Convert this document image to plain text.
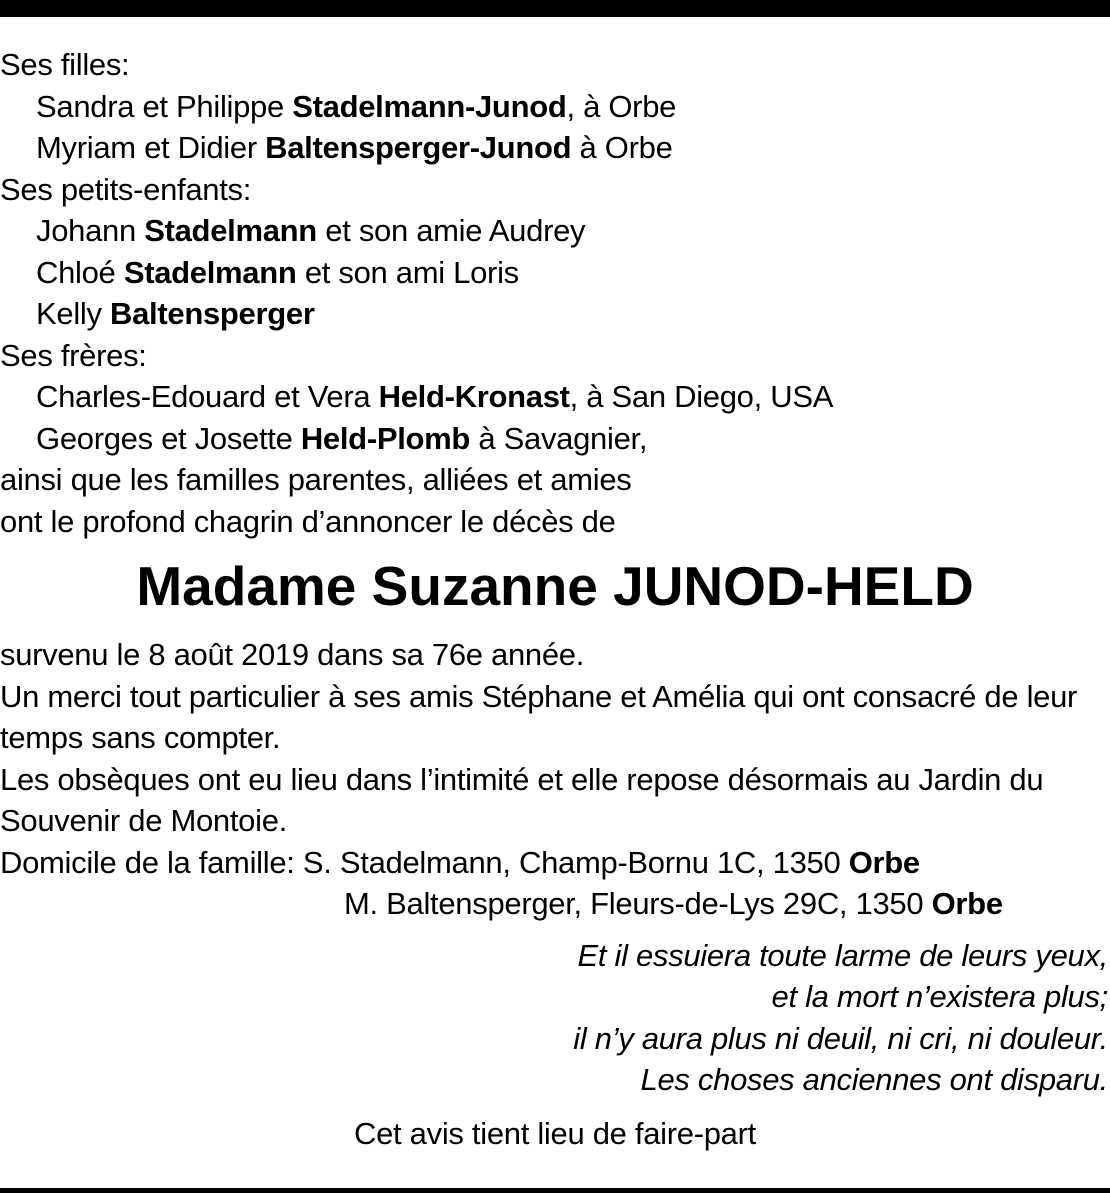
Ses filles:
Sandra et Philippe Stadelmann-Junod, à Orbe
Myriam et Didier Baltensperger-Junod à Orbe
Ses petits-enfants:
Johann Stadelmann et son amie Audrey
Chloé Stadelmann et son ami Loris
Kelly Baltensperger
Ses frères:
Charles-Edouard et Vera Held-Kronast, à San Diego, USA
Georges et Josette Held-Plomb à Savagnier,
ainsi que les familles parentes, alliées et amies
ont le profond chagrin d’annoncer le décès de
Madame Suzanne JUNOD-HELD
survenu le 8 août 2019 dans sa 76e année.
Un merci tout particulier à ses amis Stéphane et Amélia qui ont consacré de leur temps sans compter.
Les obsèques ont eu lieu dans l’intimité et elle repose désormais au Jardin du Souvenir de Montoie.
Domicile de la famille: S. Stadelmann, Champ-Bornu 1C, 1350 Orbe
M. Baltensperger, Fleurs-de-Lys 29C, 1350 Orbe
Et il essuiera toute larme de leurs yeux,
et la mort n’existera plus;
il n’y aura plus ni deuil, ni cri, ni douleur.
Les choses anciennes ont disparu.
Cet avis tient lieu de faire-part
